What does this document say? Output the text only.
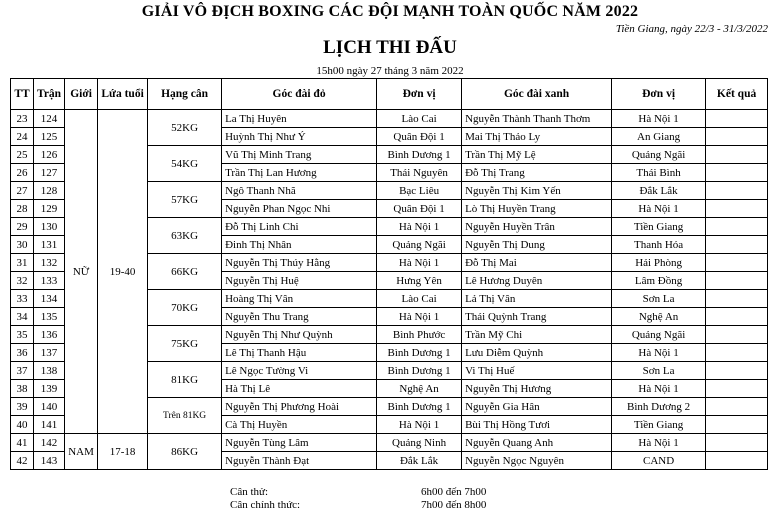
GIẢI VÔ ĐỊCH BOXING CÁC ĐỘI MẠNH TOÀN QUỐC NĂM 2022
Tiền Giang, ngày 22/3 - 31/3/2022
LỊCH THI ĐẤU
15h00 ngày 27 tháng 3 năm 2022
TT	Trận	Giới	Lứa tuổi	Hạng cân	Góc đài đỏ	Đơn vị	Góc đài xanh	Đơn vị	Kết quả
23	124	NỮ	19-40	52KG	La Thị Huyên	Lào Cai	Nguyễn Thành Thanh Thơm	Hà Nội 1	
24	125				Huỳnh Thị Như Ý	Quân Đội 1	Mai Thị Thảo Ly	An Giang	
25	126			54KG	Vũ Thị Minh Trang	Bình Dương 1	Trần Thị Mỹ Lệ	Quảng Ngãi	
26	127				Trần Thị Lan Hương	Thái Nguyên	Đỗ Thị Trang	Thái Bình	
27	128			57KG	Ngô Thanh Nhã	Bạc Liêu	Nguyễn Thị Kim Yến	Đắk Lắk	
28	129				Nguyễn Phan Ngọc Nhi	Quân Đội 1	Lò Thị Huyền Trang	Hà Nội 1	
29	130			63KG	Đỗ Thị Linh Chi	Hà Nội 1	Nguyễn Huyền Trân	Tiền Giang	
30	131				Đinh Thị Nhân	Quảng Ngãi	Nguyễn Thị Dung	Thanh Hóa	
31	132			66KG	Nguyễn Thị Thúy Hằng	Hà Nội 1	Đỗ Thị Mai	Hải Phòng	
32	133				Nguyễn Thị Huệ	Hưng Yên	Lê Hương Duyên	Lâm Đồng	
33	134			70KG	Hoàng Thị Vân	Lào Cai	Lả Thị Vân	Sơn La	
34	135				Nguyễn Thu Trang	Hà Nội 1	Thái Quỳnh Trang	Nghệ An	
35	136			75KG	Nguyễn Thị Như Quỳnh	Bình Phước	Trần Mỹ Chi	Quảng Ngãi	
36	137				Lê Thị Thanh Hậu	Bình Dương 1	Lưu Diễm Quỳnh	Hà Nội 1	
37	138			81KG	Lê Ngọc Tường Vi	Bình Dương 1	Vi Thị Huế	Sơn La	
38	139				Hà Thị Lê	Nghệ An	Nguyễn Thị Hương	Hà Nội 1	
39	140			Trên 81KG	Nguyễn Thị Phương Hoài	Bình Dương 1	Nguyễn Gia Hân	Bình Dương 2	
40	141				Cà Thị Huyền	Hà Nội 1	Bùi Thị Hồng Tươi	Tiền Giang	
41	142	NAM	17-18	86KG	Nguyễn Tùng Lâm	Quảng Ninh	Nguyễn Quang Anh	Hà Nội 1	
42	143				Nguyễn Thành Đạt	Đắk Lắk	Nguyễn Ngọc Nguyên	CAND	
Cân thử:	6h00 đến 7h00
Cân chính thức:	7h00 đến 8h00
